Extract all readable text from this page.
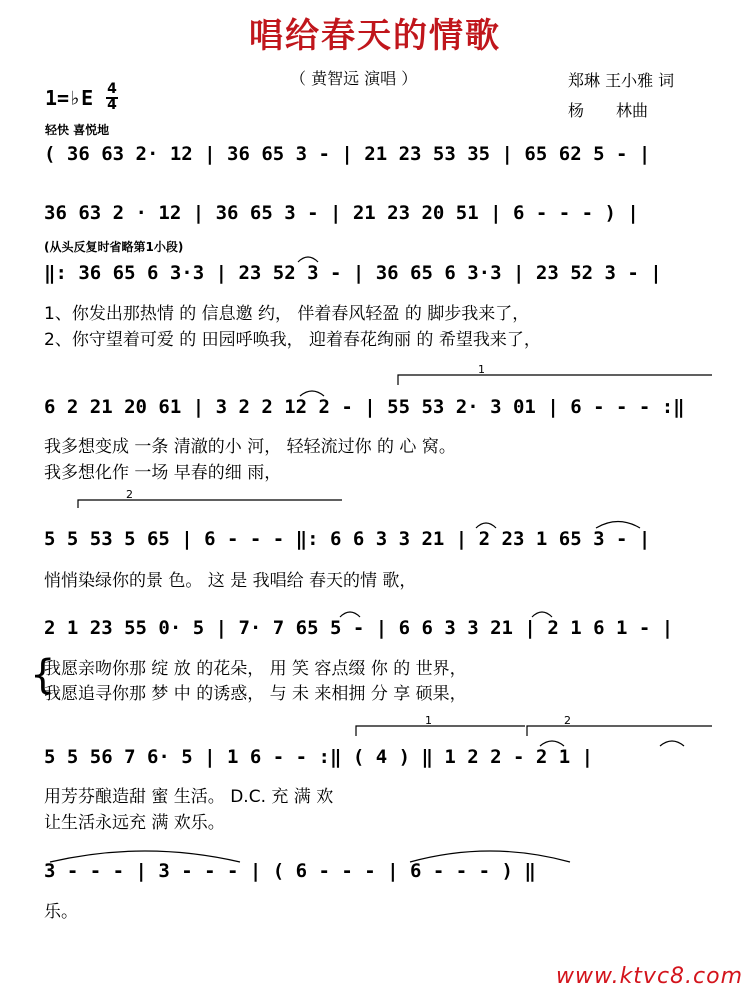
唱给春天的情歌
（ 黄智远 演唱 ）	郑琳 王小雅 词
杨　　林曲
1=♭E 4
4
轻快 喜悦地
(从头反复时省略第1小段)
( 36 63 2· 12 | 36 65 3 - | 21 23 53 35 | 65 62 5 - |
36 63 2 · 12 | 36 65 3 - | 21 23 20 51 | 6 - - - ) |
‖: 36 65 6 3·3 | 23 52 3 - | 36 65 6 3·3 | 23 52 3 - |
1、你发出那热情 的 信息邀 约， 伴着春风轻盈 的 脚步我来了，
2、你守望着可爱 的 田园呼唤我， 迎着春花绚丽 的 希望我来了，
6 2 21 20 61 | 3 2 2 12 2 - | 55 53 2· 3 01 | 6 - - - :‖
我多想变成 一条 清澈的小 河， 轻轻流过你 的 心 窝。
我多想化作 一场 早春的细 雨，
5 5 53 5 65 | 6 - - - ‖: 6 6 3 3 21 | 2 23 1 65 3 - |
悄悄染绿你的景 色。 这 是 我唱给 春天的情 歌，
2 1 23 55 0· 5 | 7· 7 65 5 - | 6 6 3 3 21 | 2 1 6 1 - |
{
我愿亲吻你那 绽 放 的花朵， 用 笑 容点缀 你 的 世界，
我愿追寻你那 梦 中 的诱惑， 与 未 来相拥 分 享 硕果，
5 5 56 7 6· 5 | 1 6 - - :‖ ( 4 ) ‖ 1 2 2 - 2 1 |
用芳芬酿造甜 蜜 生活。 D.C. 充 满 欢
让生活永远充 满 欢乐。
3 - - - | 3 - - - | ( 6 - - - | 6 - - - ) ‖
乐。
1
2
1	2
www.ktvc8.com
